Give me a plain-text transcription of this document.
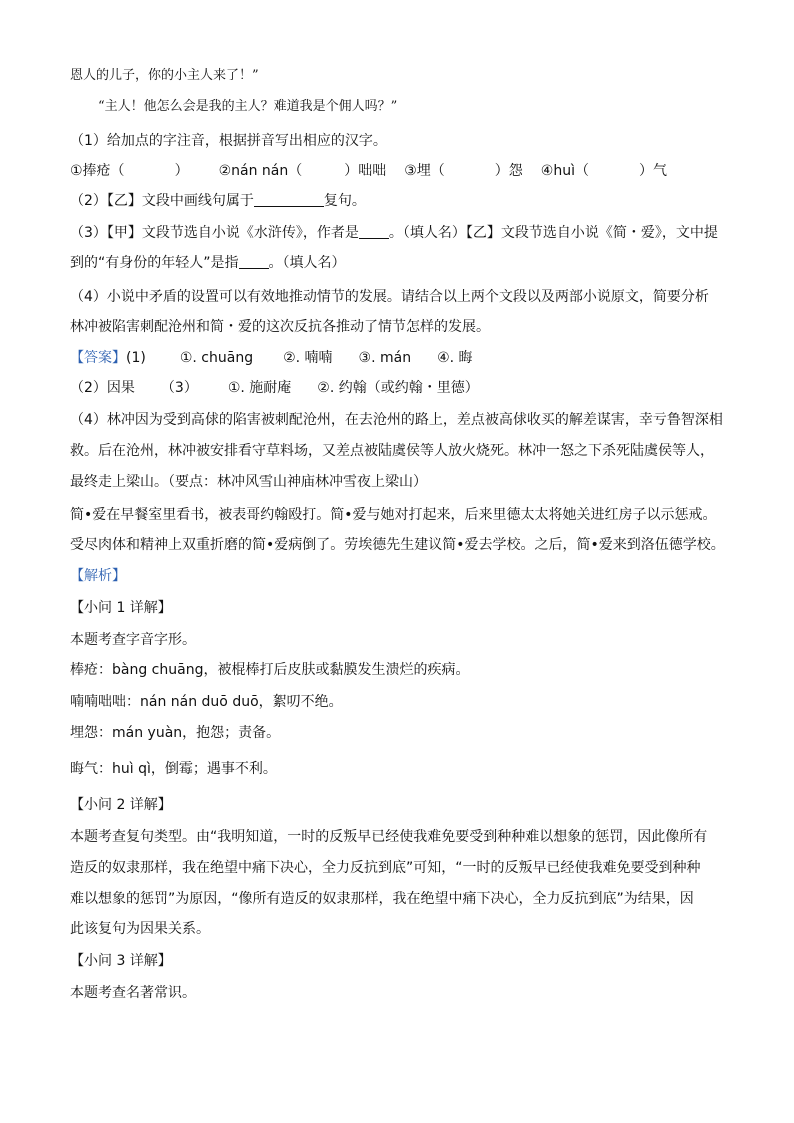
恩人的儿子，你的小主人来了！”
“主人！他怎么会是我的主人？难道我是个佣人吗？”
（1）给加点的字注音，根据拼音写出相应的汉字。
①捧疮（	） ②nán nán（	）咄咄 ③埋（	）怨 ④huì（	）气
（2）【乙】文段中画线句属于	复句。
（3）【甲】文段节选自小说《水浒传》，作者是 。（填人名）【乙】文段节选自小说《简・爱》，文中提
到的“有身份的年轻人”是指 。（填人名）
（4）小说中矛盾的设置可以有效地推动情节的发展。请结合以上两个文段以及两部小说原文，简要分析
林冲被陷害刺配沧州和简・爱的这次反抗各推动了情节怎样的发展。
【答案】(1) ①. chuāng ②. 喃喃 ③. mán ④. 晦
（2）因果 （3） ①. 施耐庵 ②. 约翰（或约翰・里德）
（4）林冲因为受到高俅的陷害被刺配沧州，在去沧州的路上，差点被高俅收买的解差谋害，幸亏鲁智深相
救。后在沧州，林冲被安排看守草料场，又差点被陆虞侯等人放火烧死。林冲一怒之下杀死陆虞侯等人，
最终走上梁山。（要点：林冲风雪山神庙林冲雪夜上梁山）
简•爱在早餐室里看书，被表哥约翰殴打。简•爱与她对打起来，后来里德太太将她关进红房子以示惩戒。
受尽肉体和精神上双重折磨的简•爱病倒了。劳埃德先生建议简•爱去学校。之后，简•爱来到洛伍德学校。
【解析】
【小问 1 详解】
本题考查字音字形。
棒疮：bàng chuāng，被棍棒打后皮肤或黏膜发生溃烂的疾病。
喃喃咄咄：nán nán duō duō，絮叨不绝。
埋怨：mán yuàn，抱怨；责备。
晦气：huì qì，倒霉；遇事不利。
【小问 2 详解】
本题考查复句类型。由“我明知道，一时的反叛早已经使我难免要受到种种难以想象的惩罚，因此像所有
造反的奴隶那样，我在绝望中痛下决心，全力反抗到底”可知，“一时的反叛早已经使我难免要受到种种
难以想象的惩罚”为原因，“像所有造反的奴隶那样，我在绝望中痛下决心，全力反抗到底”为结果，因
此该复句为因果关系。
【小问 3 详解】
本题考查名著常识。
